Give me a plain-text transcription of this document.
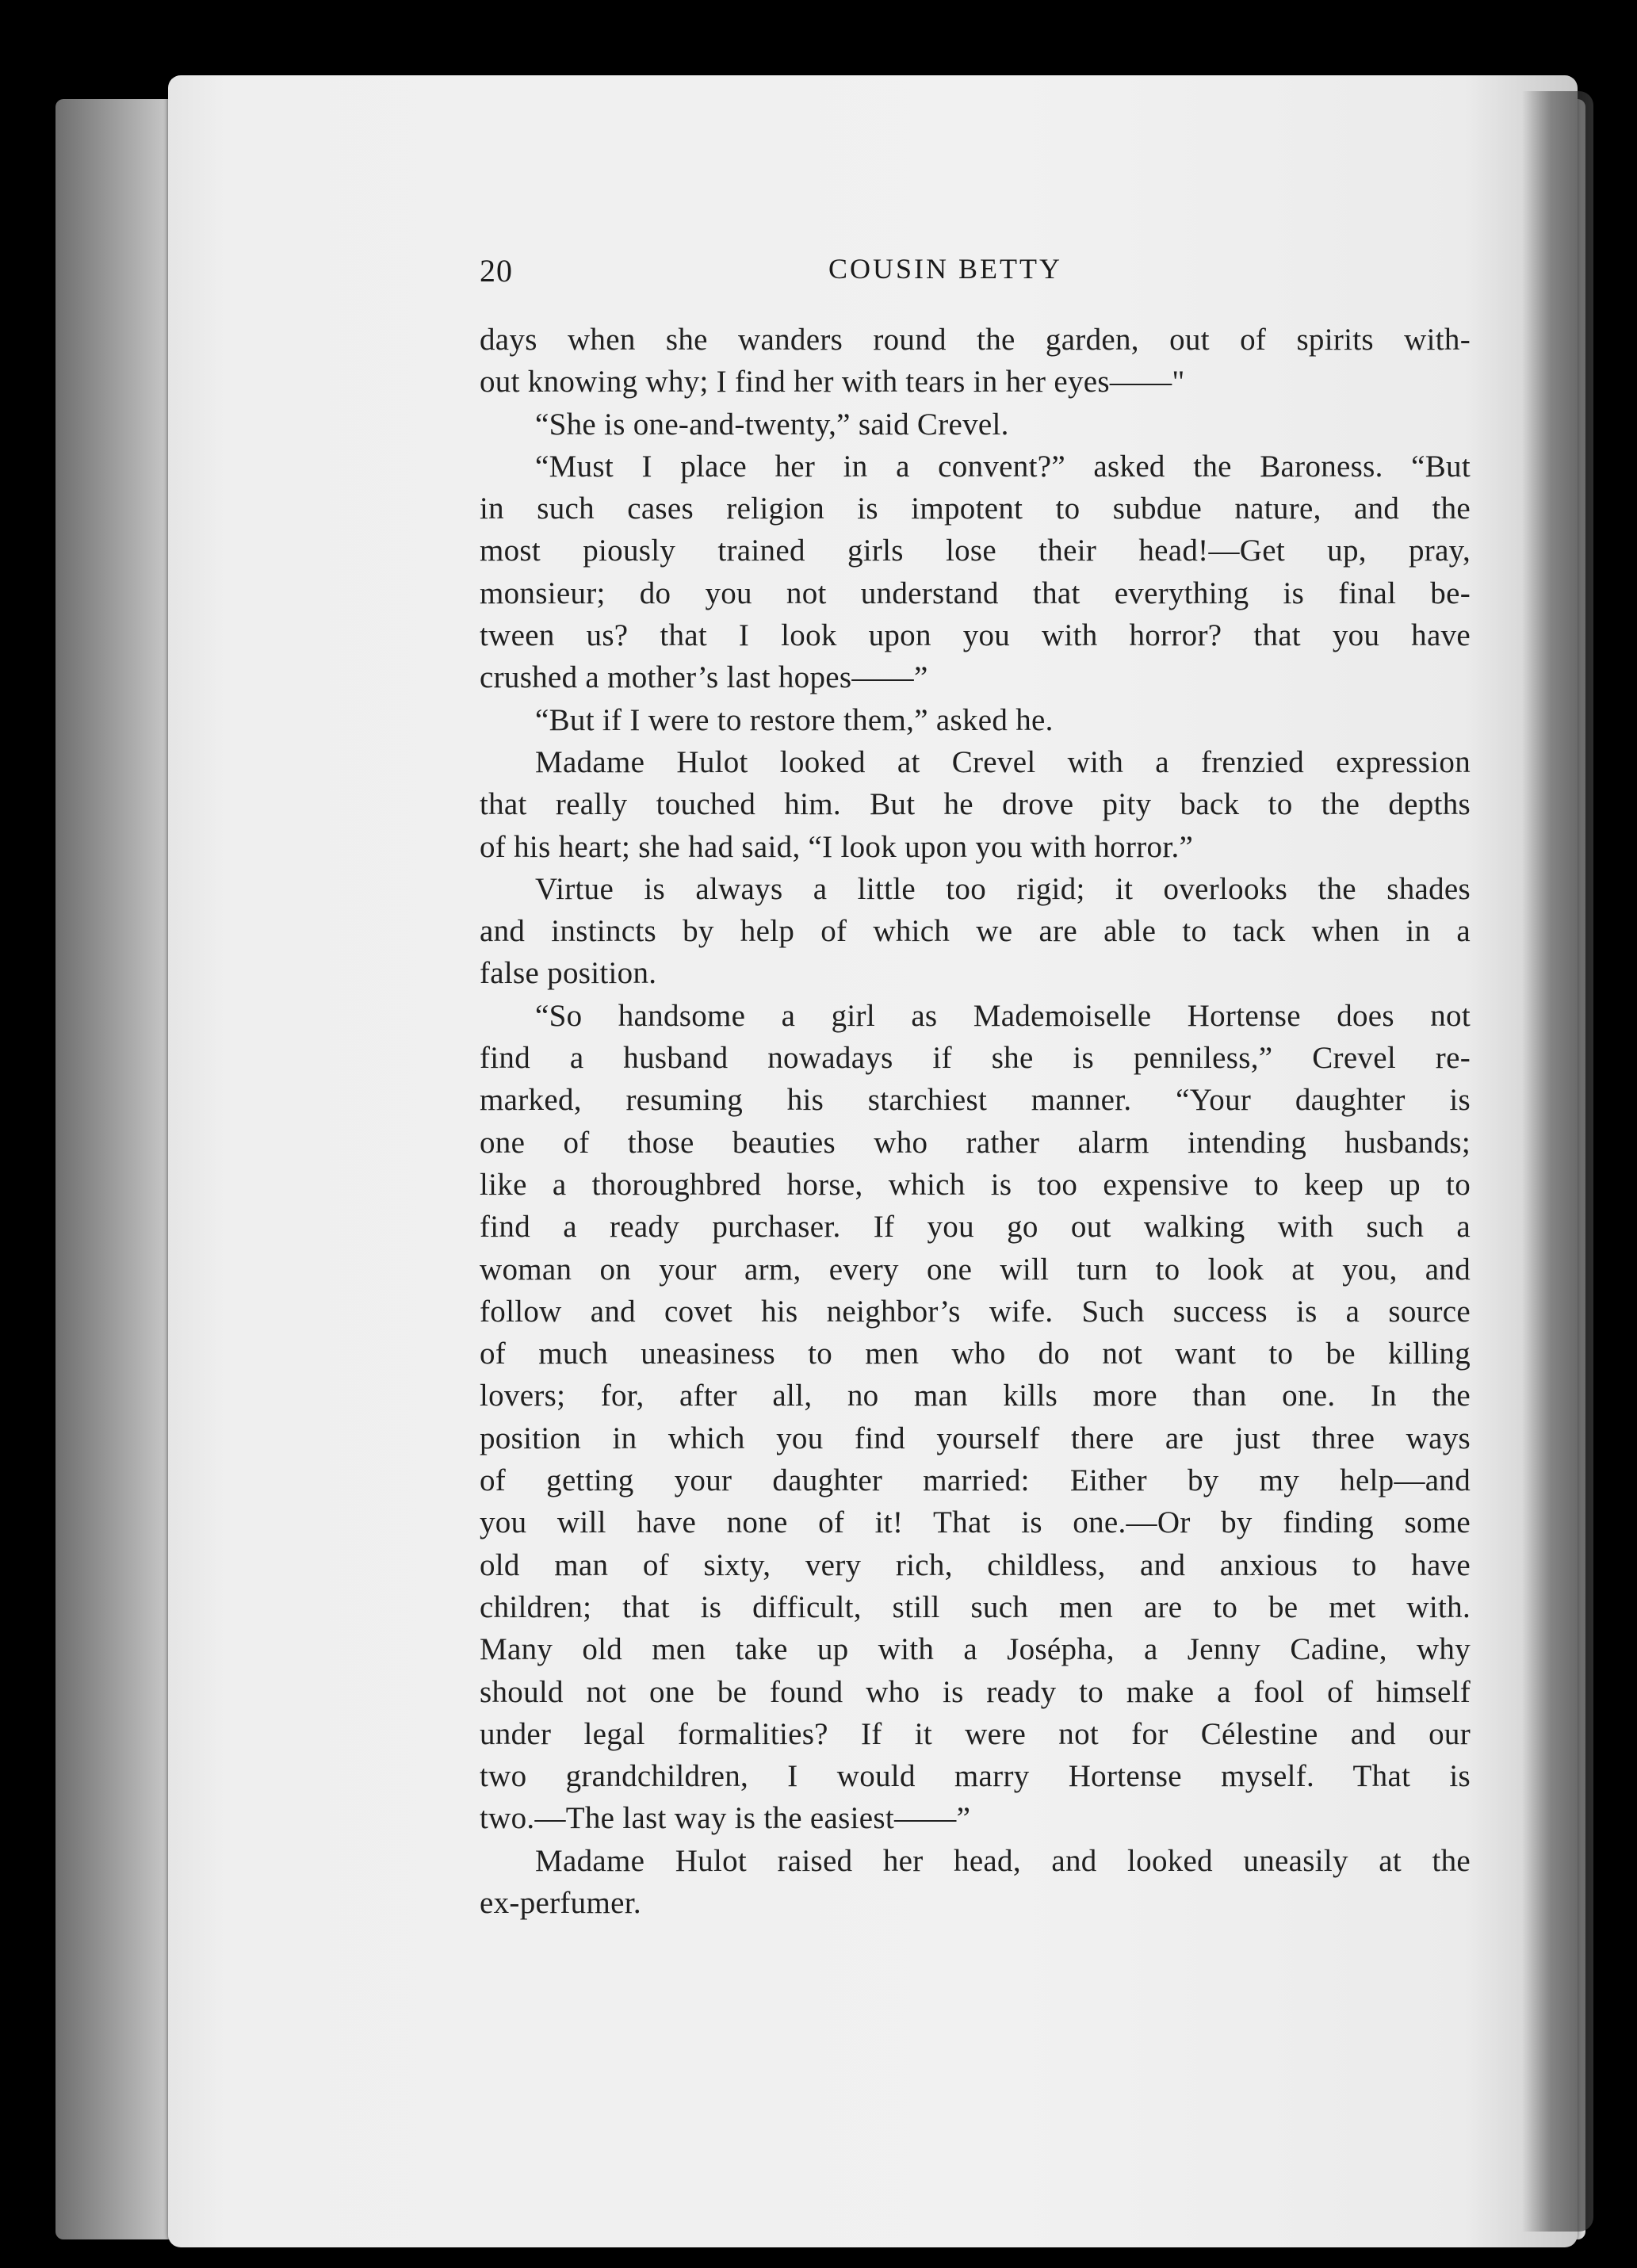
20	COUSIN BETTY
days when she wanders round the garden, out of spirits with-
out knowing why; I find her with tears in her eyes——"
“She is one-and-twenty,” said Crevel.
“Must I place her in a convent?” asked the Baroness. “But
in such cases religion is impotent to subdue nature, and the
most piously trained girls lose their head!—Get up, pray,
monsieur; do you not understand that everything is final be-
tween us? that I look upon you with horror? that you have
crushed a mother’s last hopes——”
“But if I were to restore them,” asked he.
Madame Hulot looked at Crevel with a frenzied expression
that really touched him. But he drove pity back to the depths
of his heart; she had said, “I look upon you with horror.”
Virtue is always a little too rigid; it overlooks the shades
and instincts by help of which we are able to tack when in a
false position.
“So handsome a girl as Mademoiselle Hortense does not
find a husband nowadays if she is penniless,” Crevel re-
marked, resuming his starchiest manner. “Your daughter is
one of those beauties who rather alarm intending husbands;
like a thoroughbred horse, which is too expensive to keep up to
find a ready purchaser. If you go out walking with such a
woman on your arm, every one will turn to look at you, and
follow and covet his neighbor’s wife. Such success is a source
of much uneasiness to men who do not want to be killing
lovers; for, after all, no man kills more than one. In the
position in which you find yourself there are just three ways
of getting your daughter married: Either by my help—and
you will have none of it! That is one.—Or by finding some
old man of sixty, very rich, childless, and anxious to have
children; that is difficult, still such men are to be met with.
Many old men take up with a Josépha, a Jenny Cadine, why
should not one be found who is ready to make a fool of himself
under legal formalities? If it were not for Célestine and our
two grandchildren, I would marry Hortense myself. That is
two.—The last way is the easiest——”
Madame Hulot raised her head, and looked uneasily at the
ex-perfumer.
